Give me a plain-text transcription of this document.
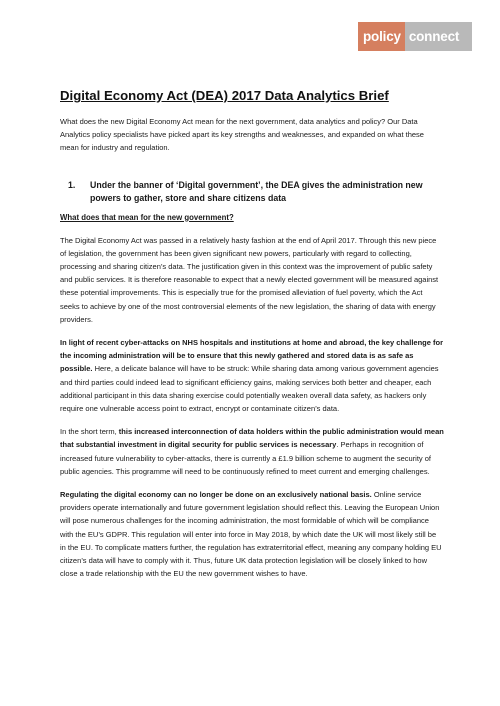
policy connect
Digital Economy Act (DEA) 2017 Data Analytics Brief

What does the new Digital Economy Act mean for the next government, data analytics and policy? Our Data Analytics policy specialists have picked apart its key strengths and weaknesses, and expanded on what these mean for industry and regulation.

1.	Under the banner of ‘Digital government’, the DEA gives the administration new powers to gather, store and share citizens data
What does that mean for the new government?

The Digital Economy Act was passed in a relatively hasty fashion at the end of April 2017. Through this new piece of legislation, the government has been given significant new powers, particularly with regard to collecting, processing and sharing citizen’s data. The justification given in this context was the improvement of public safety and public services. It is therefore reasonable to expect that a newly elected government will be measured against these potential improvements. This is especially true for the promised alleviation of fuel poverty, which the Act seeks to achieve by one of the most controversial elements of the new legislation, the sharing of data with energy providers.

In light of recent cyber-attacks on NHS hospitals and institutions at home and abroad, the key challenge for the incoming administration will be to ensure that this newly gathered and stored data is as safe as possible. Here, a delicate balance will have to be struck: While sharing data among various government agencies and third parties could indeed lead to significant efficiency gains, making services both better and cheaper, each additional participant in this data sharing exercise could potentially weaken overall data safety, as hackers only require one vulnerable access point to extract, encrypt or contaminate citizen’s data.

In the short term, this increased interconnection of data holders within the public administration would mean that substantial investment in digital security for public services is necessary. Perhaps in recognition of increased future vulnerability to cyber-attacks, there is currently a £1.9 billion scheme to augment the security of public agencies. This programme will need to be continuously refined to meet current and emerging challenges.

Regulating the digital economy can no longer be done on an exclusively national basis. Online service providers operate internationally and future government legislation should reflect this. Leaving the European Union will pose numerous challenges for the incoming administration, the most formidable of which will be compliance with the EU’s GDPR. This regulation will enter into force in May 2018, by which date the UK will most likely still be in the EU. To complicate matters further, the regulation has extraterritorial effect, meaning any company holding EU citizen’s data will have to comply with it. Thus, future UK data protection legislation will be closely linked to how close a trade relationship with the EU the new government wishes to have.
